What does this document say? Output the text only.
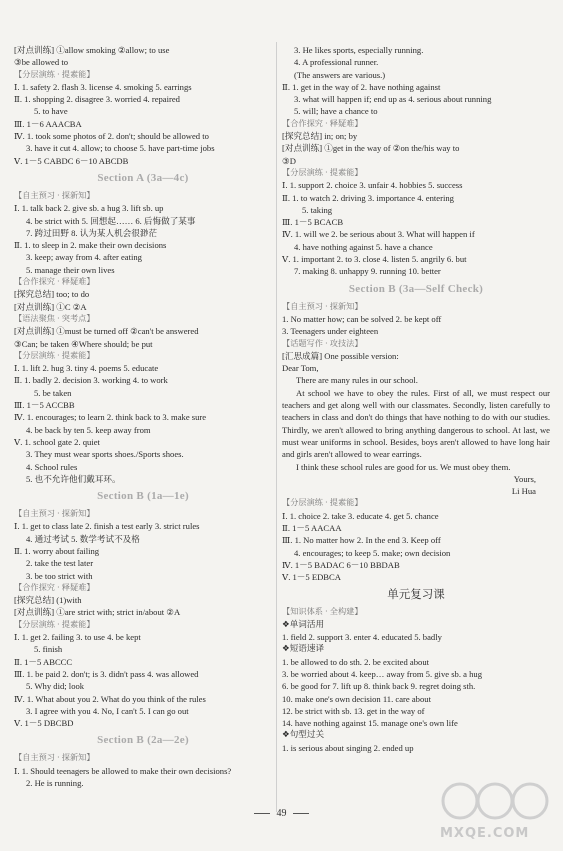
[对点训练] ①allow smoking ②allow; to use
③be allowed to
【分层演练 · 提素能】
Ⅰ. 1. safety 2. flash 3. license 4. smoking 5. earrings
Ⅱ. 1. shopping 2. disagree 3. worried 4. repaired
5. to have
Ⅲ. 1－6 AAACBA
Ⅳ. 1. took some photos of 2. don't; should be allowed to
3. have it cut 4. allow; to choose 5. have part-time jobs
Ⅴ. 1－5 CABDC 6－10 ABCDB
Section A (3a—4c)
【自主预习 · 探新知】
Ⅰ. 1. talk back 2. give sb. a hug 3. lift sb. up
4. be strict with 5. 回想起…… 6. 后悔做了某事
7. 跨过田野 8. 认为某人机会很渺茫
Ⅱ. 1. to sleep in 2. make their own decisions
3. keep; away from 4. after eating
5. manage their own lives
【合作探究 · 释疑难】
[探究总结] too; to do
[对点训练] ①C ②A
【语法聚焦 · 突考点】
[对点训练] ①must be turned off ②can't be answered
③Can; be taken ④Where should; be put
【分层演练 · 提素能】
Ⅰ. 1. lift 2. hug 3. tiny 4. poems 5. educate
Ⅱ. 1. badly 2. decision 3. working 4. to work
5. be taken
Ⅲ. 1－5 ACCBB
Ⅳ. 1. encourages; to learn 2. think back to 3. make sure
4. be back by ten 5. keep away from
Ⅴ. 1. school gate 2. quiet
3. They must wear sports shoes./Sports shoes.
4. School rules
5. 也不允许他们戴耳环。
Section B (1a—1e)
【自主预习 · 探新知】
Ⅰ. 1. get to class late 2. finish a test early 3. strict rules
4. 通过考试 5. 数学考试不及格
Ⅱ. 1. worry about failing
2. take the test later
3. be too strict with
【合作探究 · 释疑难】
[探究总结] (1)with
[对点训练] ①are strict with; strict in/about ②A
【分层演练 · 提素能】
Ⅰ. 1. get 2. failing 3. to use 4. be kept
5. finish
Ⅱ. 1－5 ABCCC
Ⅲ. 1. be paid 2. don't; is 3. didn't pass 4. was allowed
5. Why did; look
Ⅳ. 1. What about you 2. What do you think of the rules
3. I agree with you 4. No, I can't 5. I can go out
Ⅴ. 1－5 DBCBD
Section B (2a—2e)
【自主预习 · 探新知】
Ⅰ. 1. Should teenagers be allowed to make their own decisions?
2. He is running.
3. He likes sports, especially running.
4. A professional runner.
(The answers are various.)
Ⅱ. 1. get in the way of 2. have nothing against
3. what will happen if; end up as 4. serious about running
5. will; have a chance to
【合作探究 · 释疑难】
[探究总结] in; on; by
[对点训练] ①get in the way of ②on the/his way to
③D
【分层演练 · 提素能】
Ⅰ. 1. support 2. choice 3. unfair 4. hobbies 5. success
Ⅱ. 1. to watch 2. driving 3. importance 4. entering
5. taking
Ⅲ. 1－5 BCACB
Ⅳ. 1. will we 2. be serious about 3. What will happen if
4. have nothing against 5. have a chance
Ⅴ. 1. important 2. to 3. close 4. listen 5. angrily 6. but
7. making 8. unhappy 9. running 10. better
Section B (3a—Self Check)
【自主预习 · 探新知】
1. No matter how; can be solved 2. be kept off
3. Teenagers under eighteen
【话题写作 · 攻技法】
[汇思成篇] One possible version:
Dear Tom,
There are many rules in our school.
At school we have to obey the rules. First of all, we must respect our teachers and get along well with our classmates. Secondly, listen carefully to teachers in class and don't do things that have nothing to do with our studies. Thirdly, we aren't allowed to bring anything dangerous to school. At last, we must wear uniforms in school. Besides, boys aren't allowed to have long hair and girls aren't allowed to wear earrings.
I think these school rules are good for us. We must obey them.
Yours,
Li Hua
【分层演练 · 提素能】
Ⅰ. 1. choice 2. take 3. educate 4. get 5. chance
Ⅱ. 1－5 AACAA
Ⅲ. 1. No matter how 2. In the end 3. Keep off
4. encourages; to keep 5. make; own decision
Ⅳ. 1－5 BADAC 6－10 BBDAB
Ⅴ. 1－5 EDBCA
单元复习课
【知识体系 · 全构建】
❖单词活用
1. field 2. support 3. enter 4. educated 5. badly
❖短语速译
1. be allowed to do sth. 2. be excited about
3. be worried about 4. keep… away from 5. give sb. a hug
6. be good for 7. lift up 8. think back 9. regret doing sth.
10. make one's own decision 11. care about
12. be strict with sb. 13. get in the way of
14. have nothing against 15. manage one's own life
❖句型过关
1. is serious about singing 2. ended up
49
MXQE.COM
